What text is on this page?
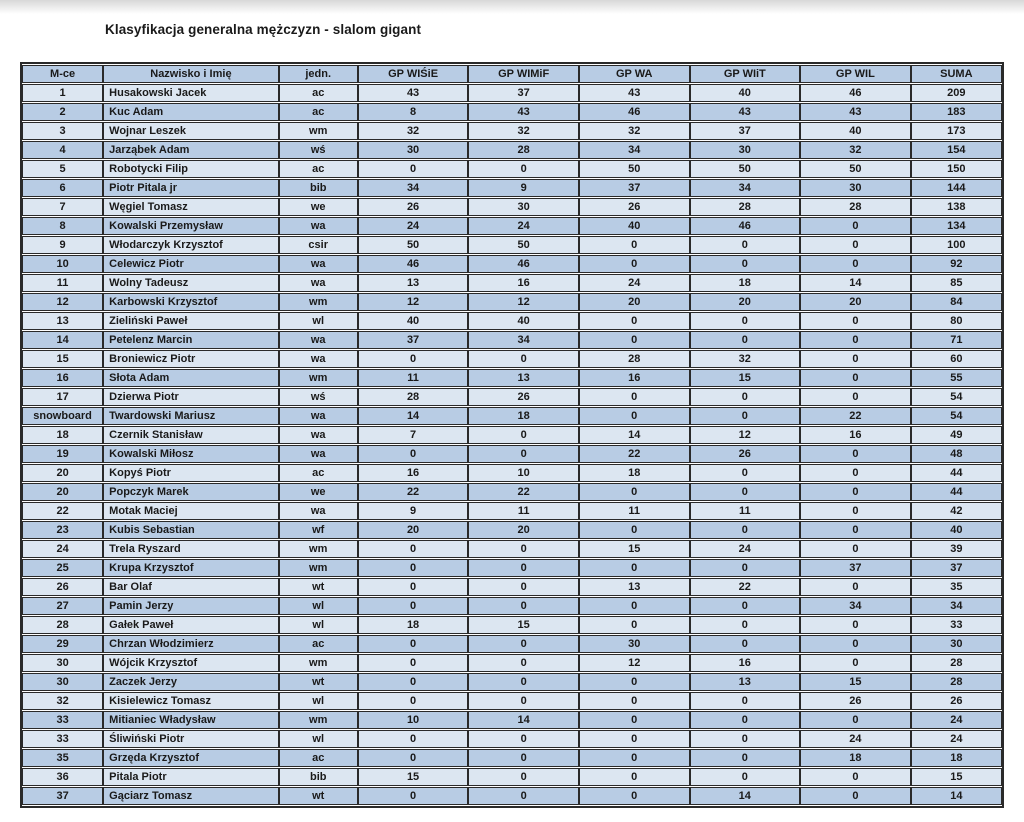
Klasyfikacja generalna mężczyzn - slalom gigant
M-ce	Nazwisko i Imię	jedn.	GP WIŚiE	GP WIMiF	GP WA	GP WIiT	GP WIL	SUMA
1	Husakowski Jacek	ac	43	37	43	40	46	209
2	Kuc Adam	ac	8	43	46	43	43	183
3	Wojnar Leszek	wm	32	32	32	37	40	173
4	Jarząbek Adam	wś	30	28	34	30	32	154
5	Robotycki Filip	ac	0	0	50	50	50	150
6	Piotr Pitala jr	bib	34	9	37	34	30	144
7	Węgiel Tomasz	we	26	30	26	28	28	138
8	Kowalski Przemysław	wa	24	24	40	46	0	134
9	Włodarczyk Krzysztof	csir	50	50	0	0	0	100
10	Celewicz Piotr	wa	46	46	0	0	0	92
11	Wolny Tadeusz	wa	13	16	24	18	14	85
12	Karbowski Krzysztof	wm	12	12	20	20	20	84
13	Zieliński Paweł	wl	40	40	0	0	0	80
14	Petelenz Marcin	wa	37	34	0	0	0	71
15	Broniewicz Piotr	wa	0	0	28	32	0	60
16	Słota Adam	wm	11	13	16	15	0	55
17	Dzierwa Piotr	wś	28	26	0	0	0	54
snowboard	Twardowski Mariusz	wa	14	18	0	0	22	54
18	Czernik Stanisław	wa	7	0	14	12	16	49
19	Kowalski Miłosz	wa	0	0	22	26	0	48
20	Kopyś Piotr	ac	16	10	18	0	0	44
20	Popczyk Marek	we	22	22	0	0	0	44
22	Motak Maciej	wa	9	11	11	11	0	42
23	Kubis Sebastian	wf	20	20	0	0	0	40
24	Trela Ryszard	wm	0	0	15	24	0	39
25	Krupa Krzysztof	wm	0	0	0	0	37	37
26	Bar Olaf	wt	0	0	13	22	0	35
27	Pamin Jerzy	wl	0	0	0	0	34	34
28	Gałek Paweł	wl	18	15	0	0	0	33
29	Chrzan Włodzimierz	ac	0	0	30	0	0	30
30	Wójcik Krzysztof	wm	0	0	12	16	0	28
30	Zaczek Jerzy	wt	0	0	0	13	15	28
32	Kisielewicz Tomasz	wl	0	0	0	0	26	26
33	Mitianiec Władysław	wm	10	14	0	0	0	24
33	Śliwiński Piotr	wl	0	0	0	0	24	24
35	Grzęda Krzysztof	ac	0	0	0	0	18	18
36	Pitala Piotr	bib	15	0	0	0	0	15
37	Gąciarz Tomasz	wt	0	0	0	14	0	14
